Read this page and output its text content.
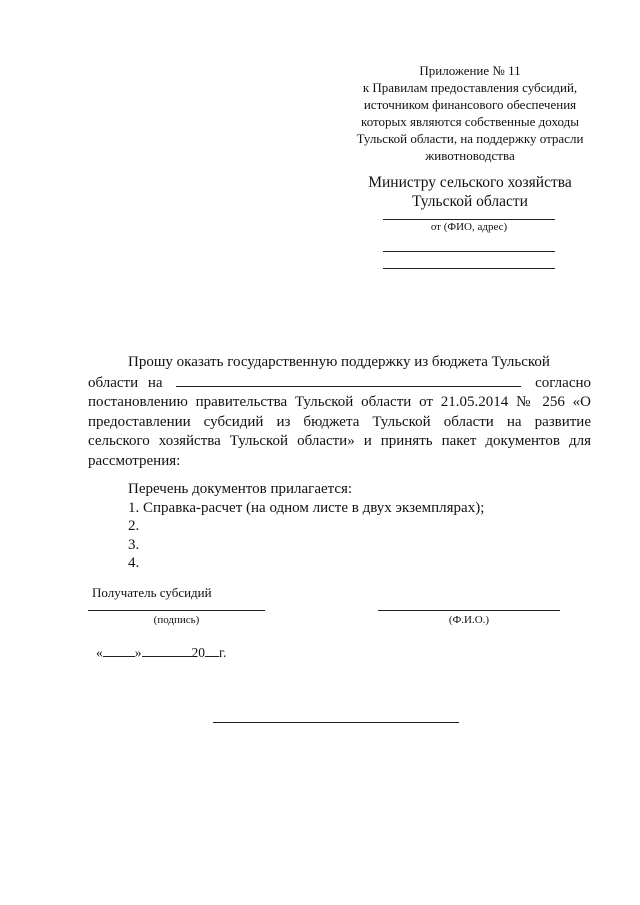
Приложение № 11
к Правилам предоставления субсидий,
источником финансового обеспечения
которых являются собственные доходы
Тульской области, на поддержку отрасли
животноводства
Министру сельского хозяйства
Тульской области
от (ФИО, адрес)

Прошу оказать государственную поддержку из бюджета Тульской

области на	согласно

постановлению правительства Тульской области от 21.05.2014 № 256 «О предоставлении субсидий из бюджета Тульской области на развитие сельского хозяйства Тульской области» и принять пакет документов для рассмотрения:

Перечень документов прилагается:
1. Справка-расчет (на одном листе в двух экземплярах);
2.
3.
4.
Получатель субсидий
(подпись)	(Ф.И.О.)
« »	20 г.
